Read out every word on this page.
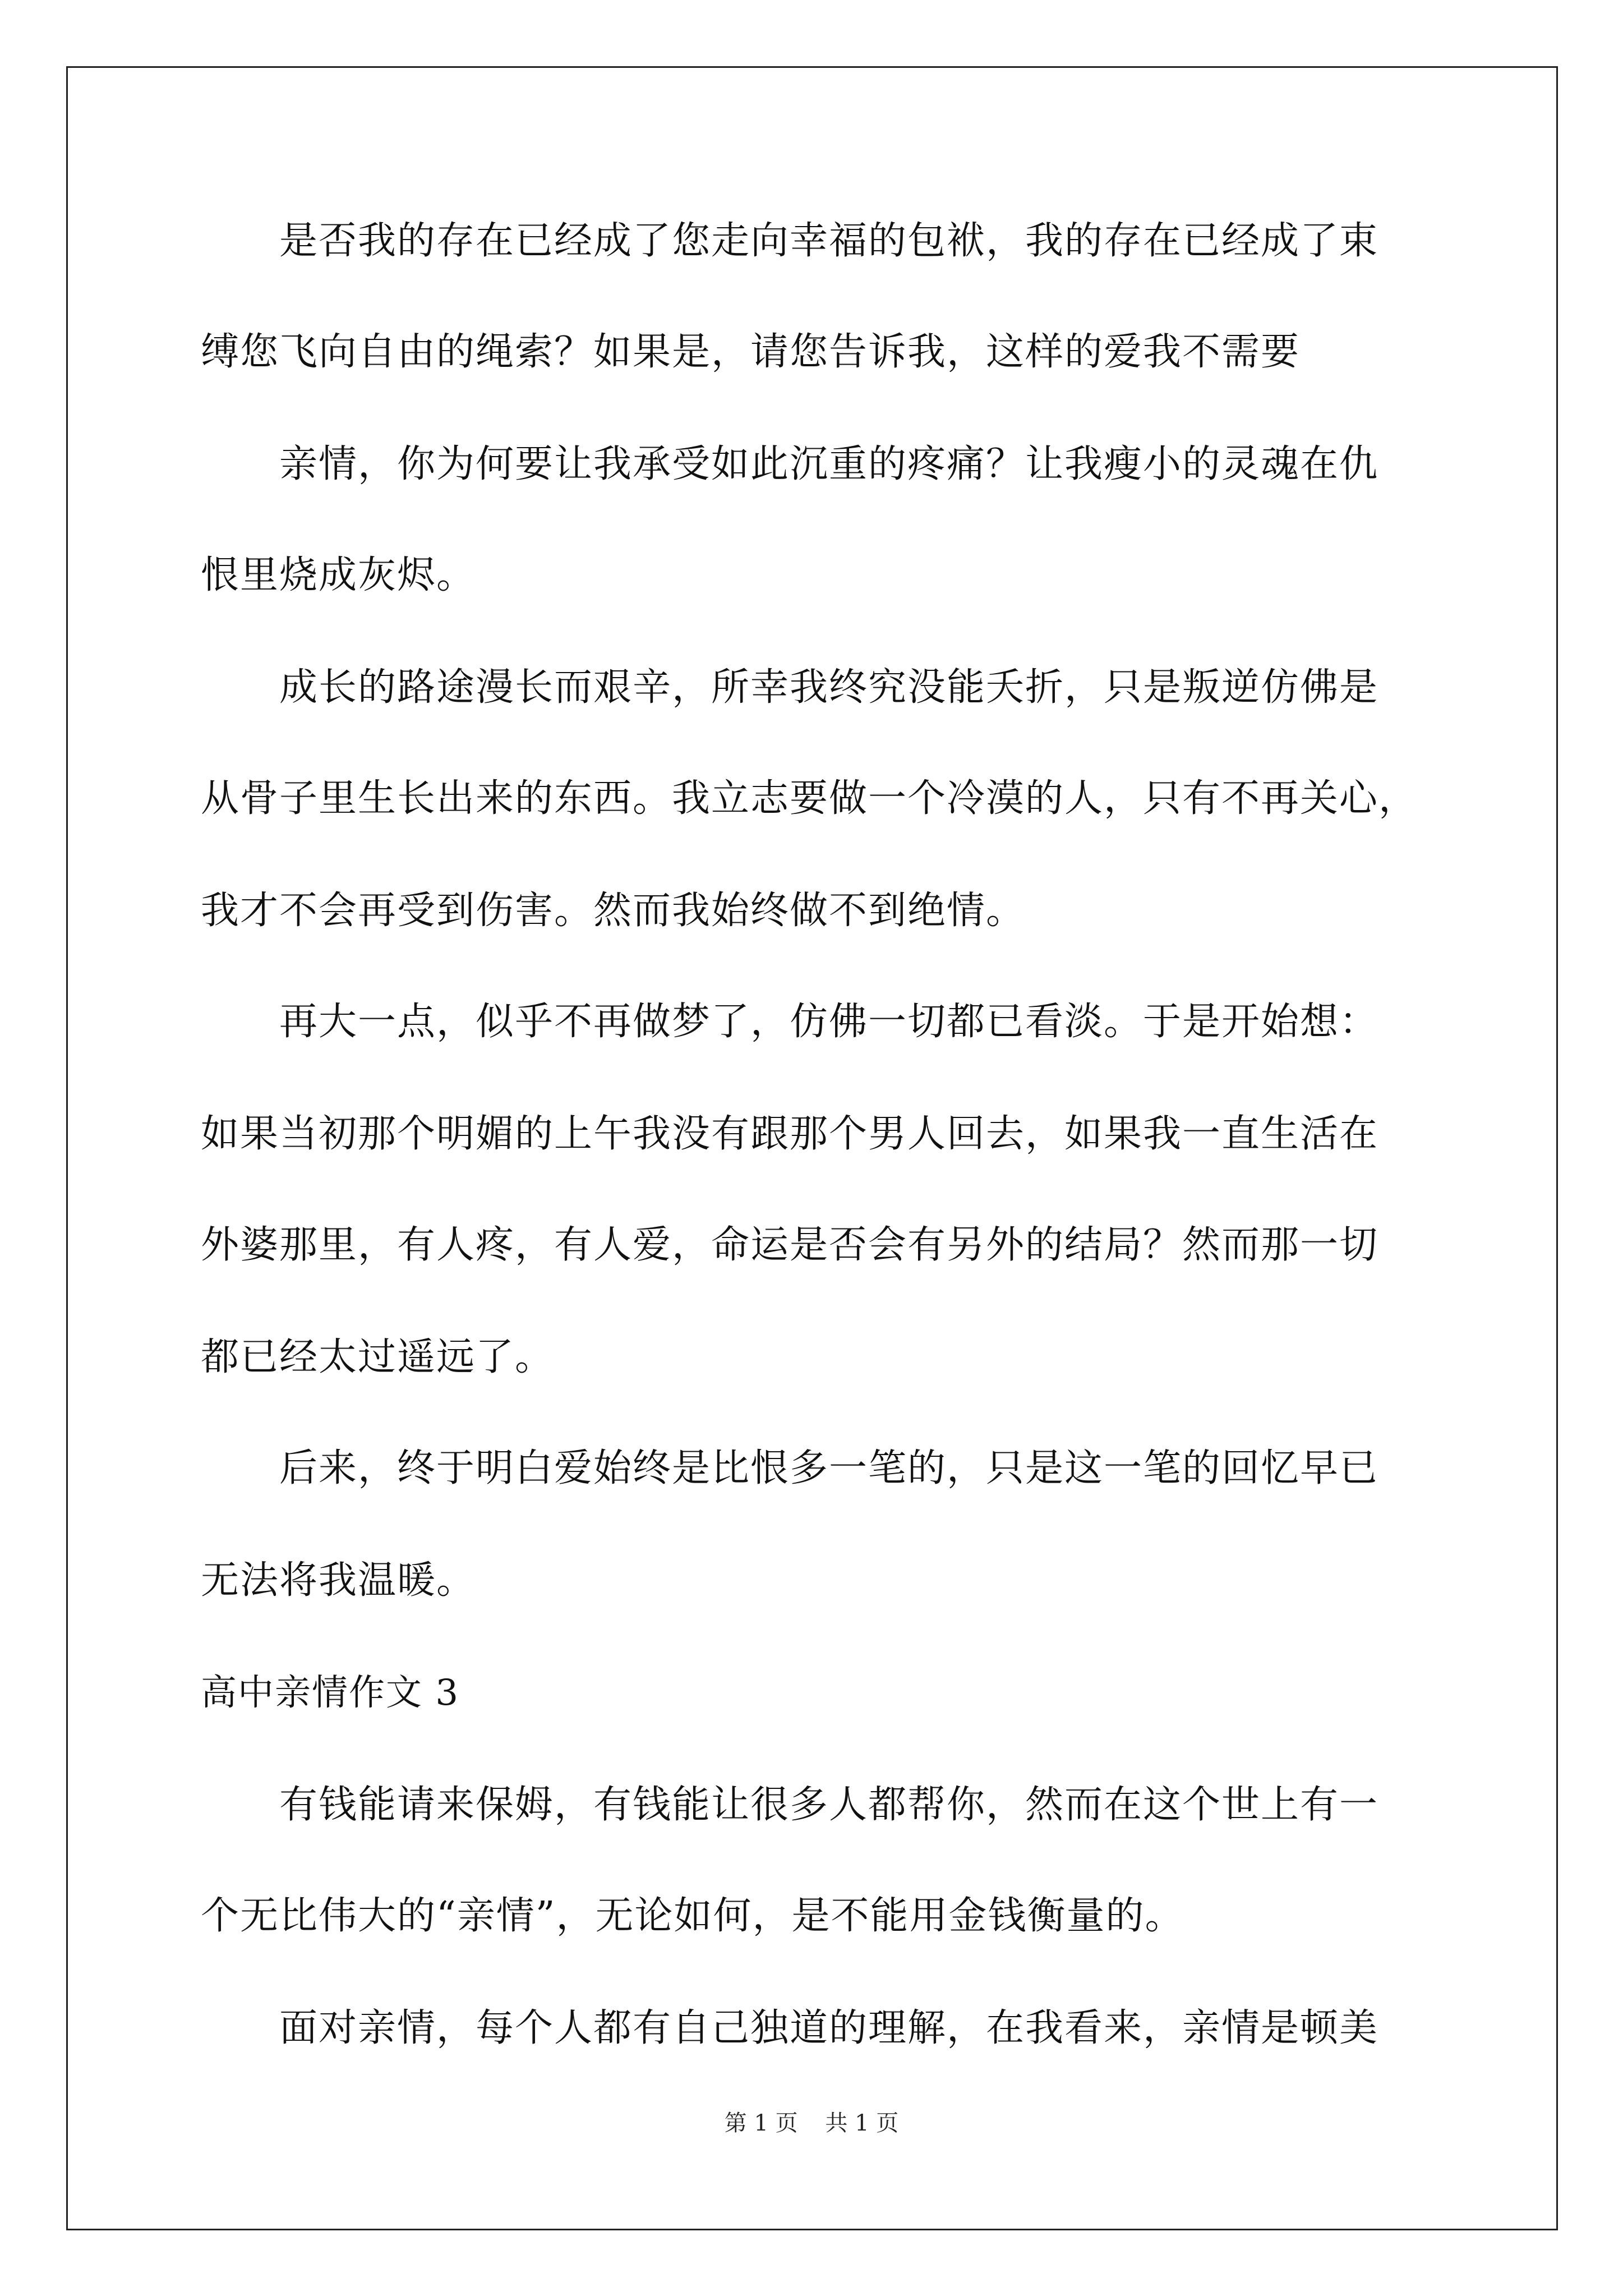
　　是否我的存在已经成了您走向幸福的包袱，我的存在已经成了束
缚您飞向自由的绳索？如果是，请您告诉我，这样的爱我不需要
　　亲情，你为何要让我承受如此沉重的疼痛？让我瘦小的灵魂在仇
恨里烧成灰烬。
　　成长的路途漫长而艰辛，所幸我终究没能夭折，只是叛逆仿佛是
从骨子里生长出来的东西。我立志要做一个冷漠的人，只有不再关心，
我才不会再受到伤害。然而我始终做不到绝情。
　　再大一点，似乎不再做梦了，仿佛一切都已看淡。于是开始想：
如果当初那个明媚的上午我没有跟那个男人回去，如果我一直生活在
外婆那里，有人疼，有人爱，命运是否会有另外的结局？然而那一切
都已经太过遥远了。
　　后来，终于明白爱始终是比恨多一笔的，只是这一笔的回忆早已
无法将我温暖。
高中亲情作文 3
　　有钱能请来保姆，有钱能让很多人都帮你，然而在这个世上有一
个无比伟大的“亲情”，无论如何，是不能用金钱衡量的。
　　面对亲情，每个人都有自己独道的理解，在我看来，亲情是顿美
第 1 页 共 1 页
